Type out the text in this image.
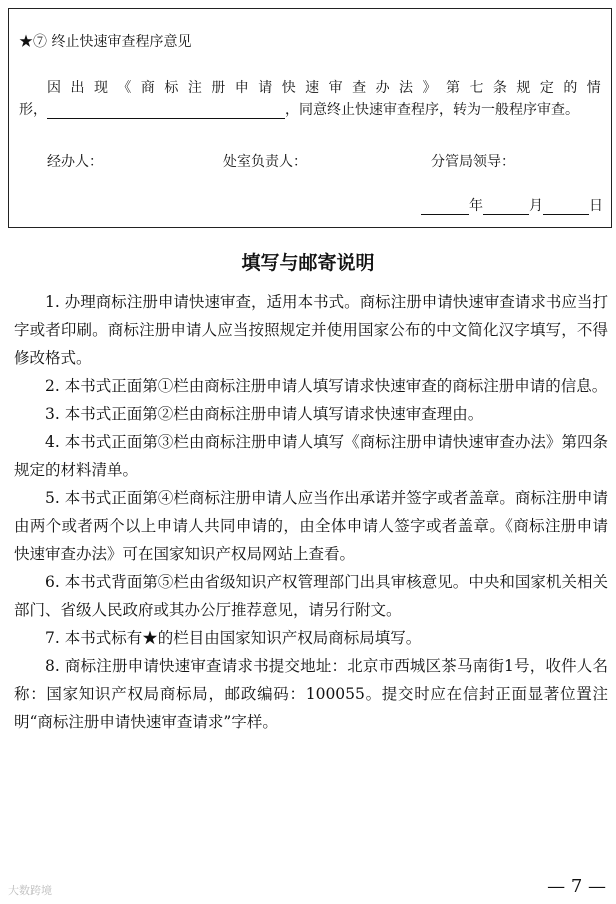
★⑦ 终止快速审查程序意见
因 出 现 《 商 标 注 册 申 请 快 速 审 查 办 法 》 第 七 条 规 定 的 情
形，	，同意终止快速审查程序，转为一般程序审查。
经办人：	处室负责人：	分管局领导：
年	月	日
填写与邮寄说明

1. 办理商标注册申请快速审查，适用本书式。商标注册申请快速审查请求书应当打字或者印刷。商标注册申请人应当按照规定并使用国家公布的中文简化汉字填写，不得修改格式。

2. 本书式正面第①栏由商标注册申请人填写请求快速审查的商标注册申请的信息。

3. 本书式正面第②栏由商标注册申请人填写请求快速审查理由。

4. 本书式正面第③栏由商标注册申请人填写《商标注册申请快速审查办法》第四条规定的材料清单。

5. 本书式正面第④栏商标注册申请人应当作出承诺并签字或者盖章。商标注册申请由两个或者两个以上申请人共同申请的，由全体申请人签字或者盖章。《商标注册申请快速审查办法》可在国家知识产权局网站上查看。

6. 本书式背面第⑤栏由省级知识产权管理部门出具审核意见。中央和国家机关相关部门、省级人民政府或其办公厅推荐意见，请另行附文。

7. 本书式标有★的栏目由国家知识产权局商标局填写。

8. 商标注册申请快速审查请求书提交地址：北京市西城区茶马南街1号，收件人名称：国家知识产权局商标局，邮政编码：100055。提交时应在信封正面显著位置注明“商标注册申请快速审查请求”字样。

大数跨境	— 7 —
